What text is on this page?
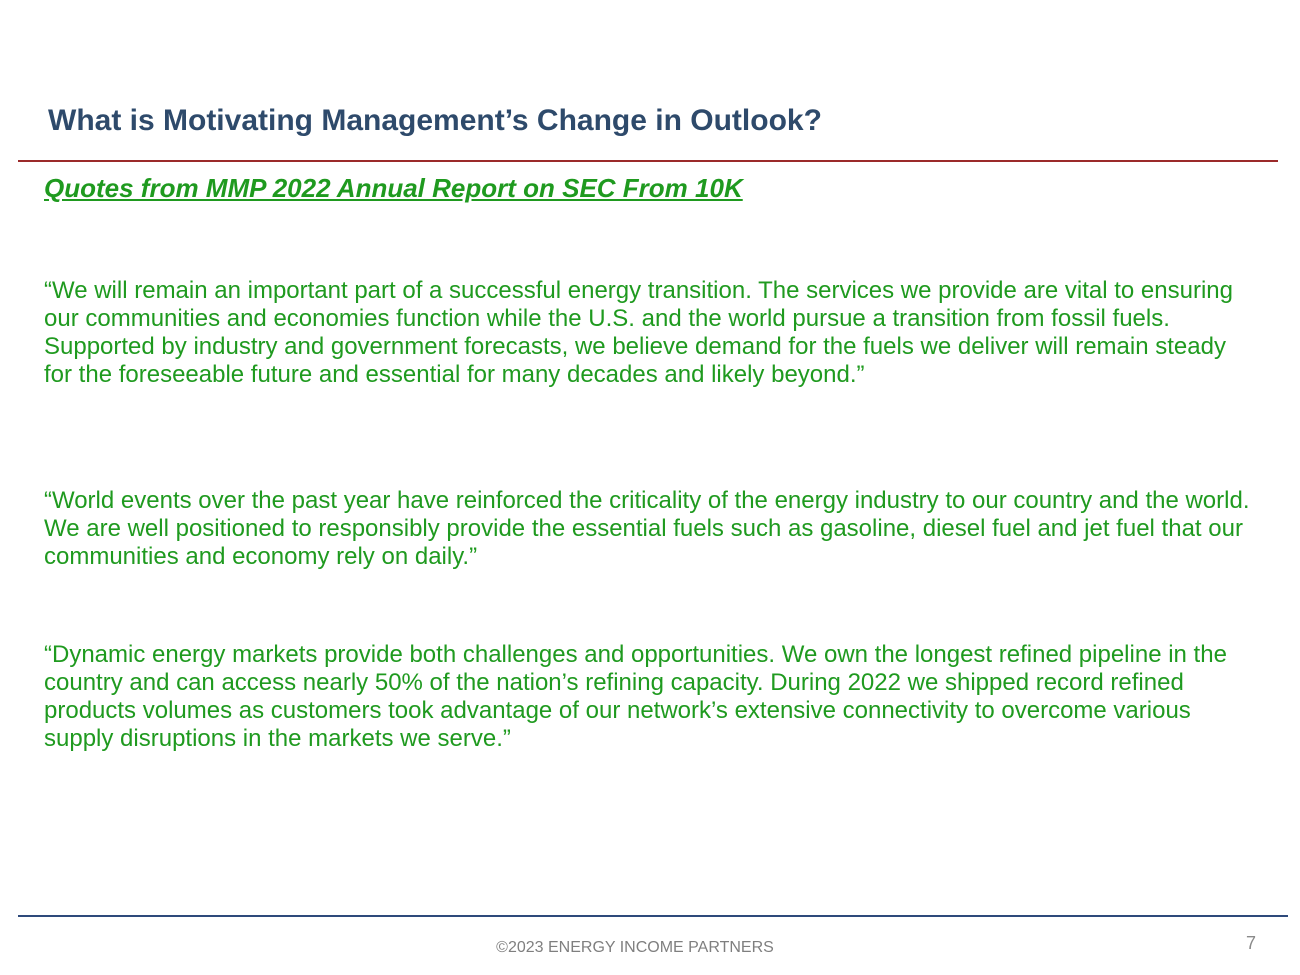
What is Motivating Management’s Change in Outlook?

Quotes from MMP 2022 Annual Report on SEC From 10K

“We will remain an important part of a successful energy transition. The services we provide are vital to ensuring our communities and economies function while the U.S. and the world pursue a transition from fossil fuels. Supported by industry and government forecasts, we believe demand for the fuels we deliver will remain steady for the foreseeable future and essential for many decades and likely beyond.”

“World events over the past year have reinforced the criticality of the energy industry to our country and the world. We are well positioned to responsibly provide the essential fuels such as gasoline, diesel fuel and jet fuel that our communities and economy rely on daily.”

“Dynamic energy markets provide both challenges and opportunities. We own the longest refined pipeline in the country and can access nearly 50% of the nation’s refining capacity. During 2022 we shipped record refined products volumes as customers took advantage of our network’s extensive connectivity to overcome various supply disruptions in the markets we serve.”

©2023 ENERGY INCOME PARTNERS	7
